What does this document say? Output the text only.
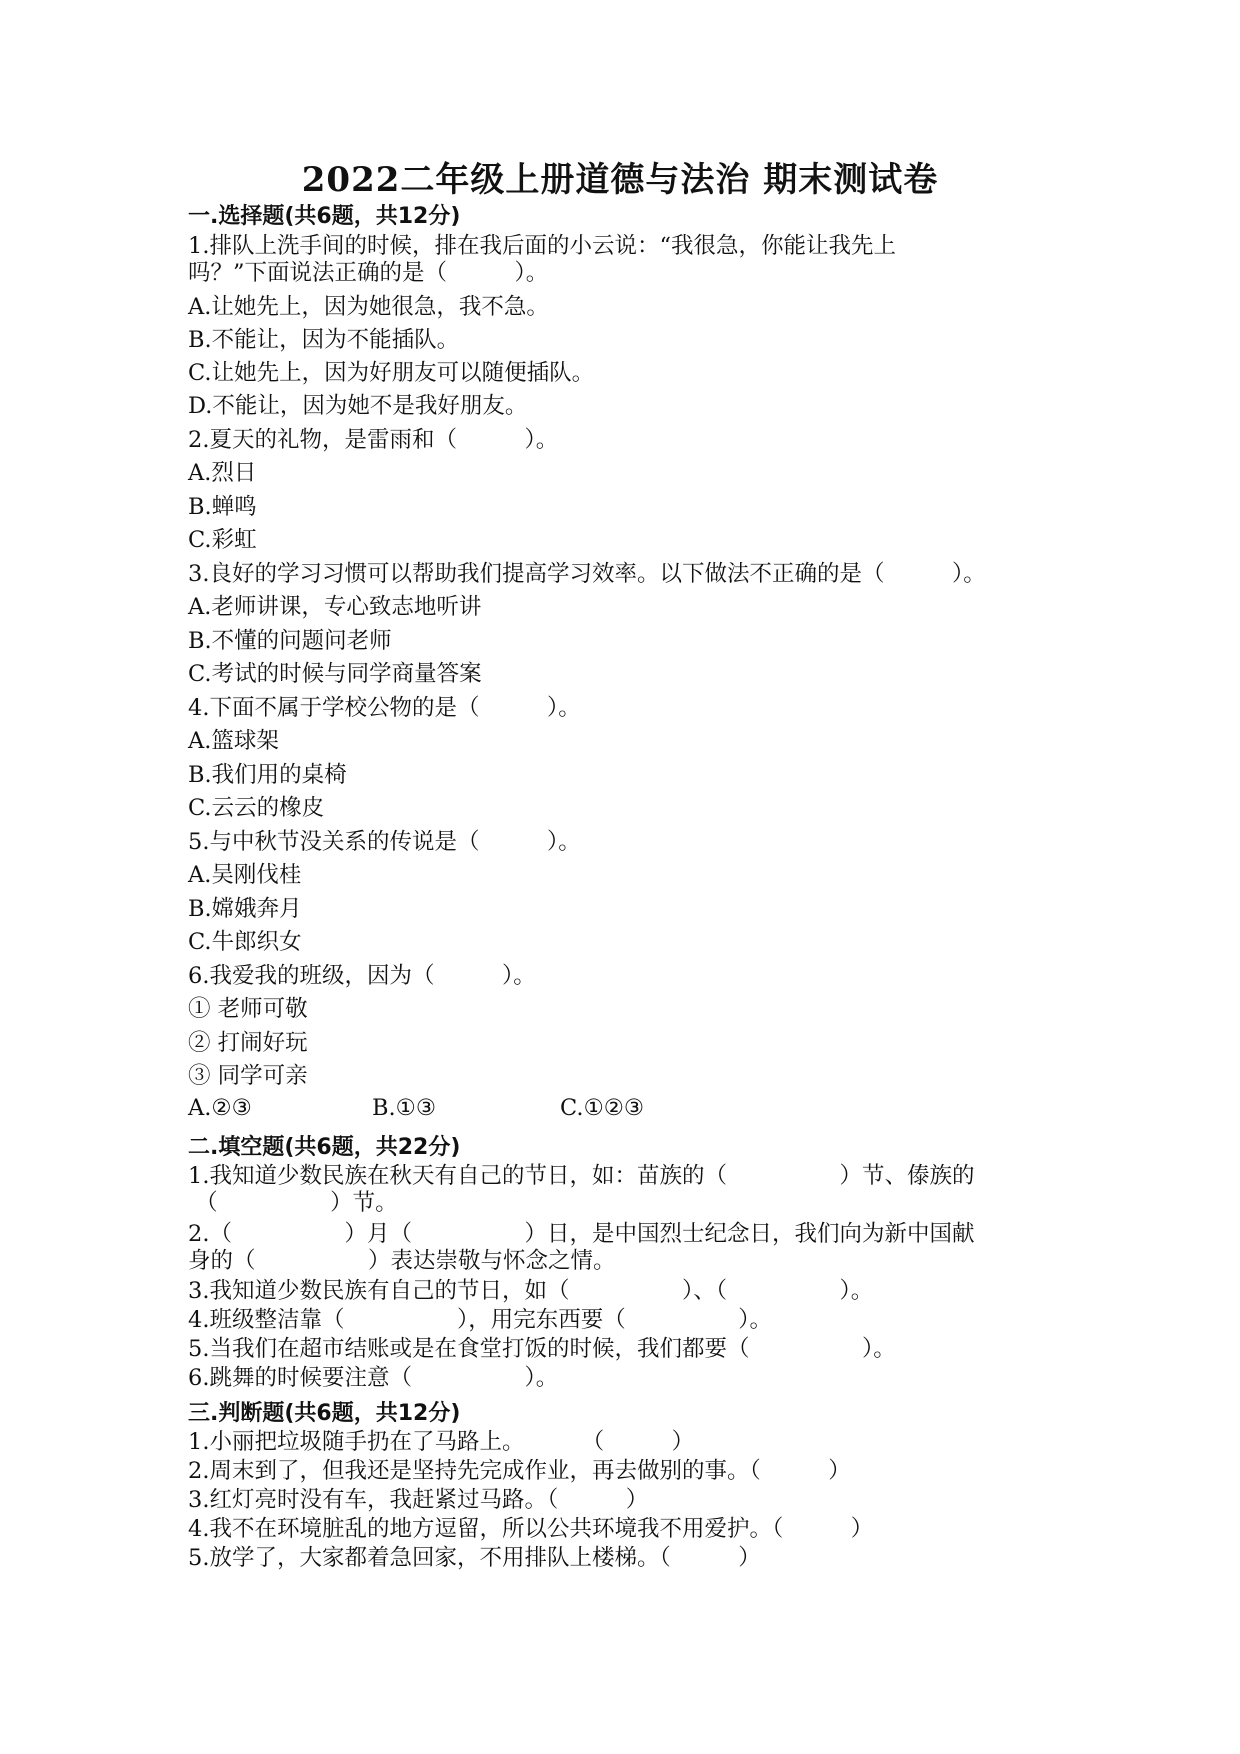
2022二年级上册道德与法治 期末测试卷
一.选择题(共6题，共12分)
1.排队上洗手间的时候，排在我后面的小云说：“我很急，你能让我先上
吗？”下面说法正确的是（　　　）。
A.让她先上，因为她很急，我不急。
B.不能让，因为不能插队。
C.让她先上，因为好朋友可以随便插队。
D.不能让，因为她不是我好朋友。
2.夏天的礼物，是雷雨和（　　　）。
A.烈日
B.蝉鸣
C.彩虹
3.良好的学习习惯可以帮助我们提高学习效率。以下做法不正确的是（　　　）。
A.老师讲课，专心致志地听讲
B.不懂的问题问老师
C.考试的时候与同学商量答案
4.下面不属于学校公物的是（　　　）。
A.篮球架
B.我们用的桌椅
C.云云的橡皮
5.与中秋节没关系的传说是（　　　）。
A.吴刚伐桂
B.嫦娥奔月
C.牛郎织女
6.我爱我的班级，因为（　　　）。
① 老师可敬
② 打闹好玩
③ 同学可亲
A.②③	B.①③	C.①②③
二.填空题(共6题，共22分)
1.我知道少数民族在秋天有自己的节日，如：苗族的（　　　　　）节、傣族的
（　　　　　）节。
2.（　　　　　）月（　　　　　）日，是中国烈士纪念日，我们向为新中国献
身的（　　　　　）表达崇敬与怀念之情。
3.我知道少数民族有自己的节日，如（　　　　　）、（　　　　　）。
4.班级整洁靠（　　　　　），用完东西要（　　　　　）。
5.当我们在超市结账或是在食堂打饭的时候，我们都要（　　　　　）。
6.跳舞的时候要注意（　　　　　）。
三.判断题(共6题，共12分)
1.小丽把垃圾随手扔在了马路上。        （　　　）
2.周末到了，但我还是坚持先完成作业，再去做别的事。（　　　）
3.红灯亮时没有车，我赶紧过马路。（　　　）
4.我不在环境脏乱的地方逗留，所以公共环境我不用爱护。（　　　）
5.放学了，大家都着急回家，不用排队上楼梯。（　　　）
